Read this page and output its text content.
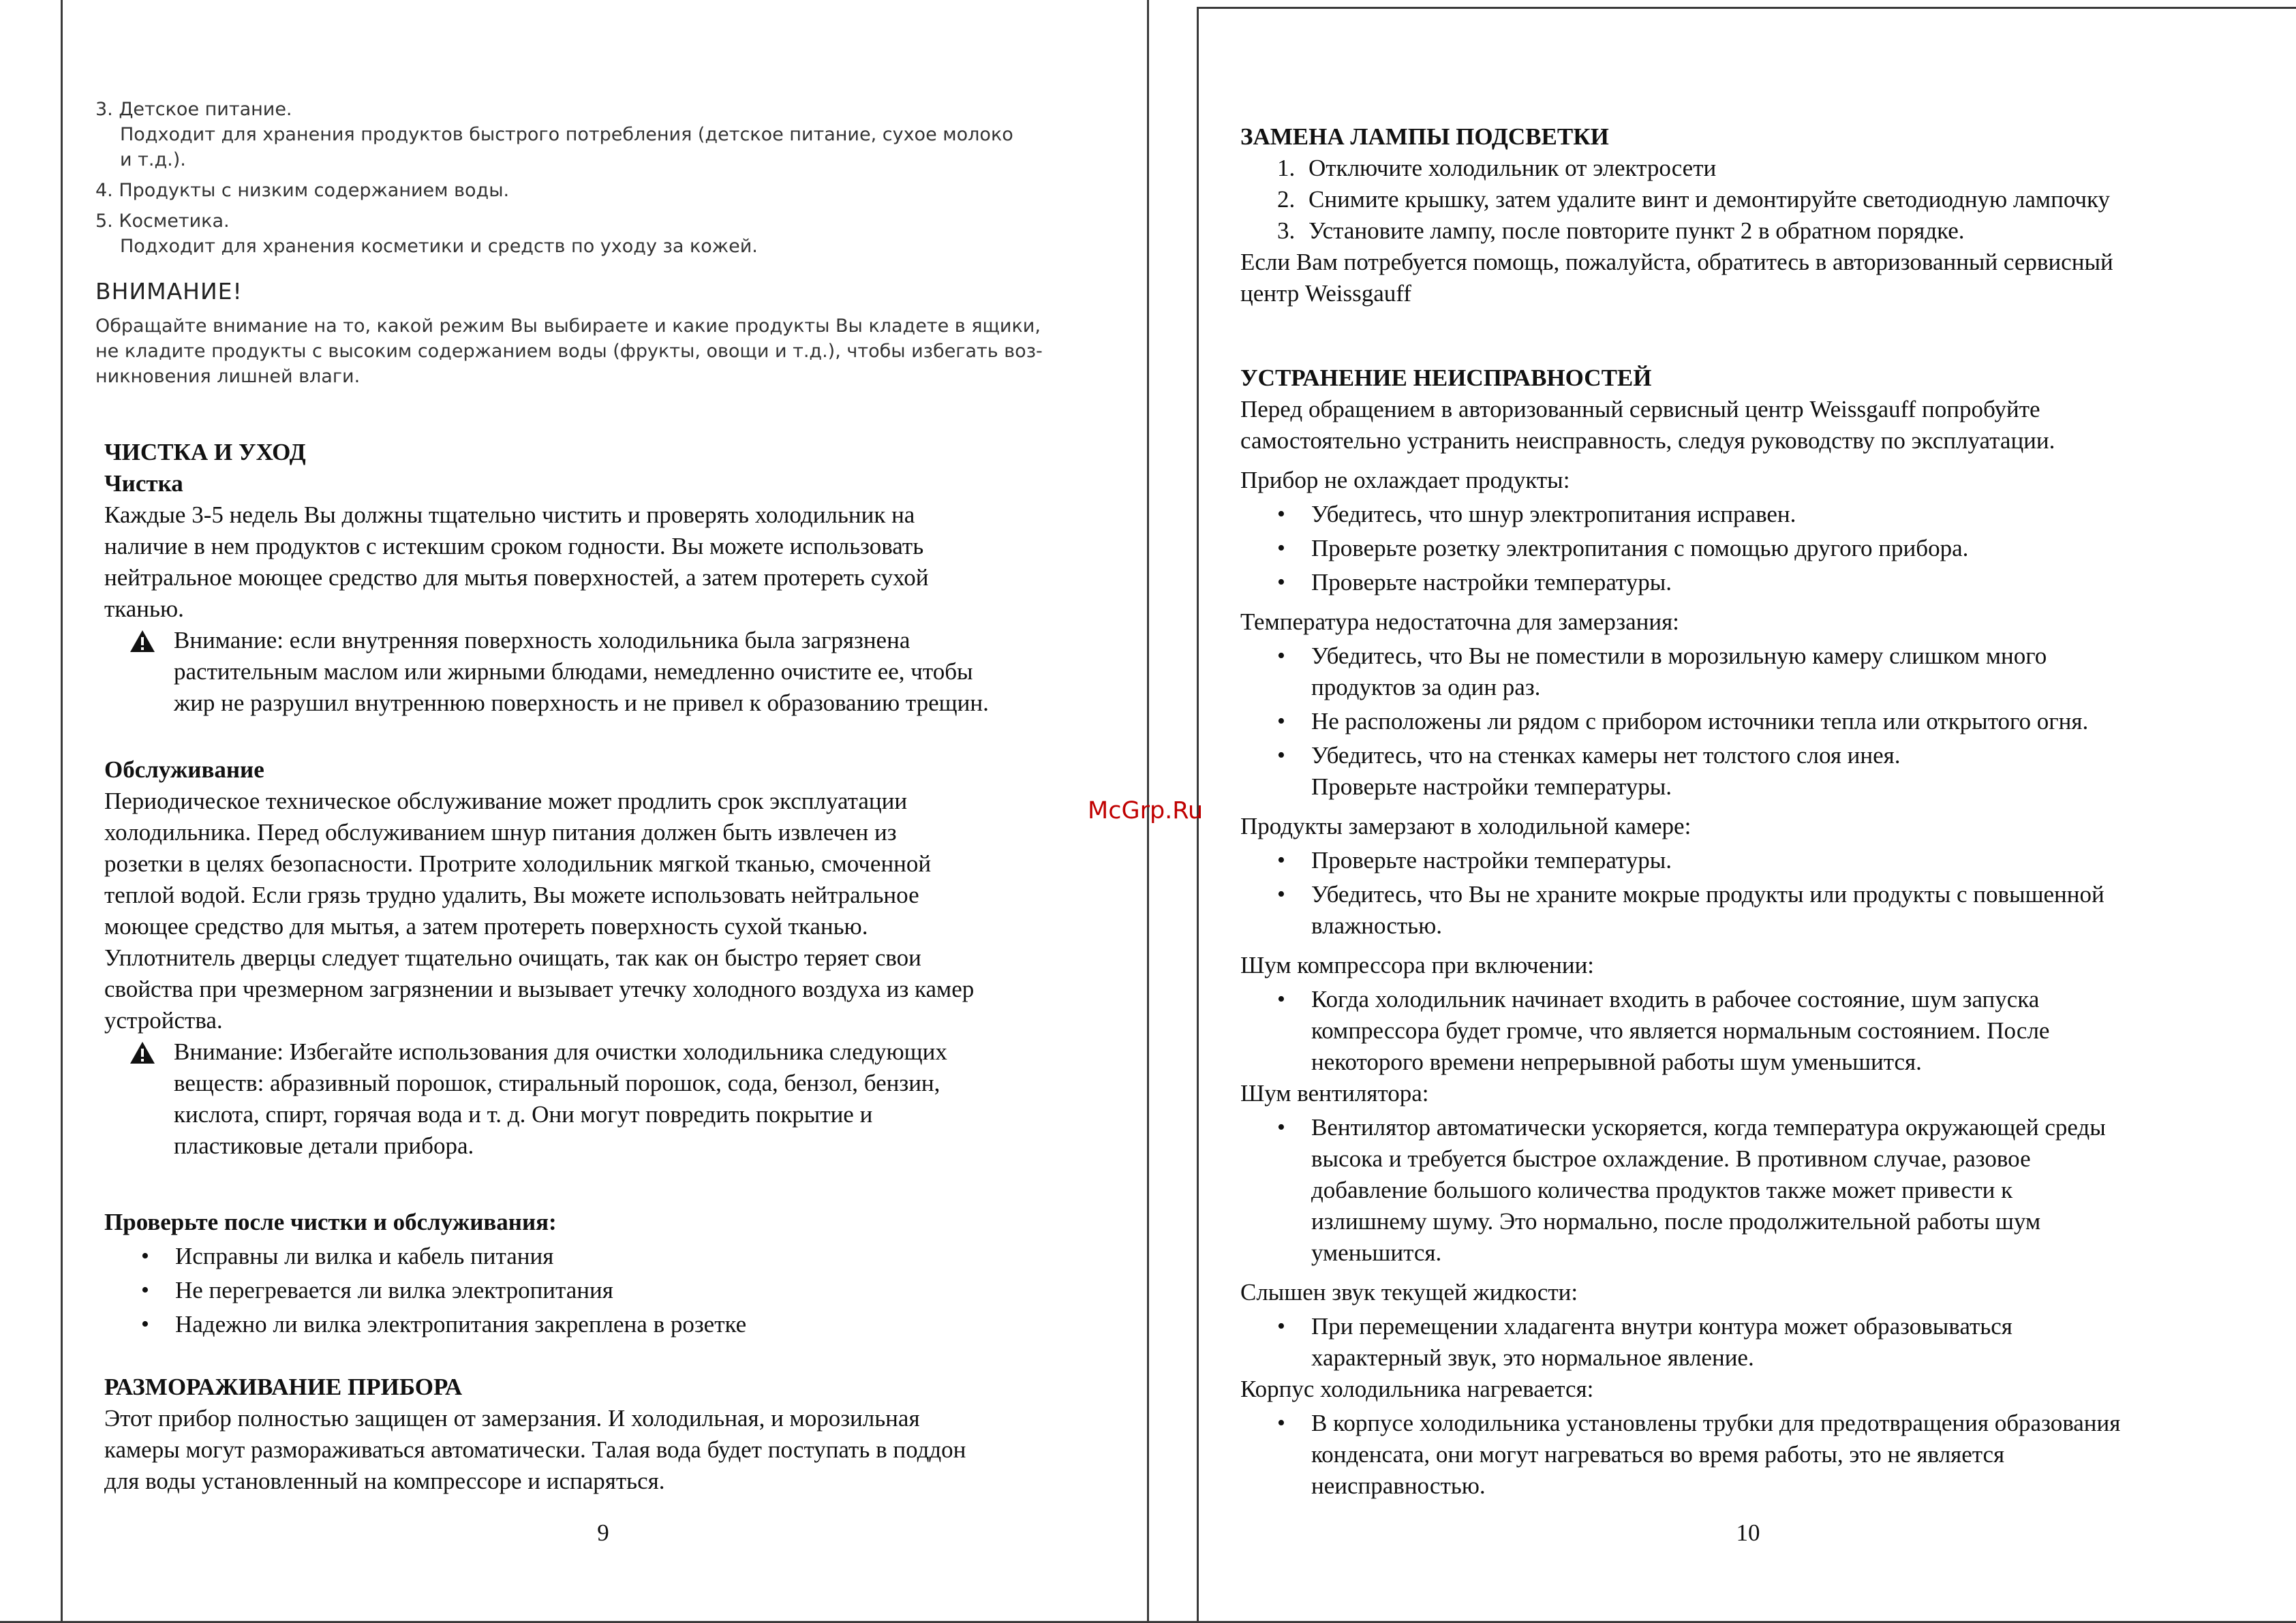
3. Детское питание.
Подходит для хранения продуктов быстрого потребления (детское питание, сухое молоко
и т.д.).
4. Продукты с низким содержанием воды.
5. Косметика.
Подходит для хранения косметики и средств по уходу за кожей.
ВНИМАНИЕ!
Обращайте внимание на то, какой режим Вы выбираете и какие продукты Вы кладете в ящики,
не кладите продукты с высоким содержанием воды (фрукты, овощи и т.д.), чтобы избегать воз-
никновения лишней влаги.
ЧИСТКА И УХОД
Чистка
Каждые 3-5 недель Вы должны тщательно чистить и проверять холодильник на
наличие в нем продуктов с истекшим сроком годности. Вы можете использовать
нейтральное моющее средство для мытья поверхностей, а затем протереть сухой
тканью.
Внимание: если внутренняя поверхность холодильника была загрязнена
растительным маслом или жирными блюдами, немедленно очистите ее, чтобы
жир не разрушил внутреннюю поверхность и не привел к образованию трещин.
Обслуживание
Периодическое техническое обслуживание может продлить срок эксплуатации
холодильника. Перед обслуживанием шнур питания должен быть извлечен из
розетки в целях безопасности. Протрите холодильник мягкой тканью, смоченной
теплой водой. Если грязь трудно удалить, Вы можете использовать нейтральное
моющее средство для мытья, а затем протереть поверхность сухой тканью.
Уплотнитель дверцы следует тщательно очищать, так как он быстро теряет свои
свойства при чрезмерном загрязнении и вызывает утечку холодного воздуха из камер
устройства.
Внимание: Избегайте использования для очистки холодильника следующих
веществ: абразивный порошок, стиральный порошок, сода, бензол, бензин,
кислота, спирт, горячая вода и т. д. Они могут повредить покрытие и
пластиковые детали прибора.
Проверьте после чистки и обслуживания:
• Исправны ли вилка и кабель питания
• Не перегревается ли вилка электропитания
• Надежно ли вилка электропитания закреплена в розетке
РАЗМОРАЖИВАНИЕ ПРИБОРА
Этот прибор полностью защищен от замерзания. И холодильная, и морозильная
камеры могут размораживаться автоматически. Талая вода будет поступать в поддон
для воды установленный на компрессоре и испаряться.
9
McGrp.Ru
ЗАМЕНА ЛАМПЫ ПОДСВЕТКИ
1. Отключите холодильник от электросети
2. Снимите крышку, затем удалите винт и демонтируйте светодиодную лампочку
3. Установите лампу, после повторите пункт 2 в обратном порядке.
Если Вам потребуется помощь, пожалуйста, обратитесь в авторизованный сервисный
центр Weissgauff
УСТРАНЕНИЕ НЕИСПРАВНОСТЕЙ
Перед обращением в авторизованный сервисный центр Weissgauff попробуйте
самостоятельно устранить неисправность, следуя руководству по эксплуатации.
Прибор не охлаждает продукты:
• Убедитесь, что шнур электропитания исправен.
• Проверьте розетку электропитания с помощью другого прибора.
• Проверьте настройки температуры.
Температура недостаточна для замерзания:
• Убедитесь, что Вы не поместили в морозильную камеру слишком много
продуктов за один раз.
• Не расположены ли рядом с прибором источники тепла или открытого огня.
• Убедитесь, что на стенках камеры нет толстого слоя инея.
Проверьте настройки температуры.
Продукты замерзают в холодильной камере:
• Проверьте настройки температуры.
• Убедитесь, что Вы не храните мокрые продукты или продукты с повышенной
влажностью.
Шум компрессора при включении:
• Когда холодильник начинает входить в рабочее состояние, шум запуска
компрессора будет громче, что является нормальным состоянием. После
некоторого времени непрерывной работы шум уменьшится.
Шум вентилятора:
• Вентилятор автоматически ускоряется, когда температура окружающей среды
высока и требуется быстрое охлаждение. В противном случае, разовое
добавление большого количества продуктов также может привести к
излишнему шуму. Это нормально, после продолжительной работы шум
уменьшится.
Слышен звук текущей жидкости:
• При перемещении хладагента внутри контура может образовываться
характерный звук, это нормальное явление.
Корпус холодильника нагревается:
• В корпусе холодильника установлены трубки для предотвращения образования
конденсата, они могут нагреваться во время работы, это не является
неисправностью.
10
